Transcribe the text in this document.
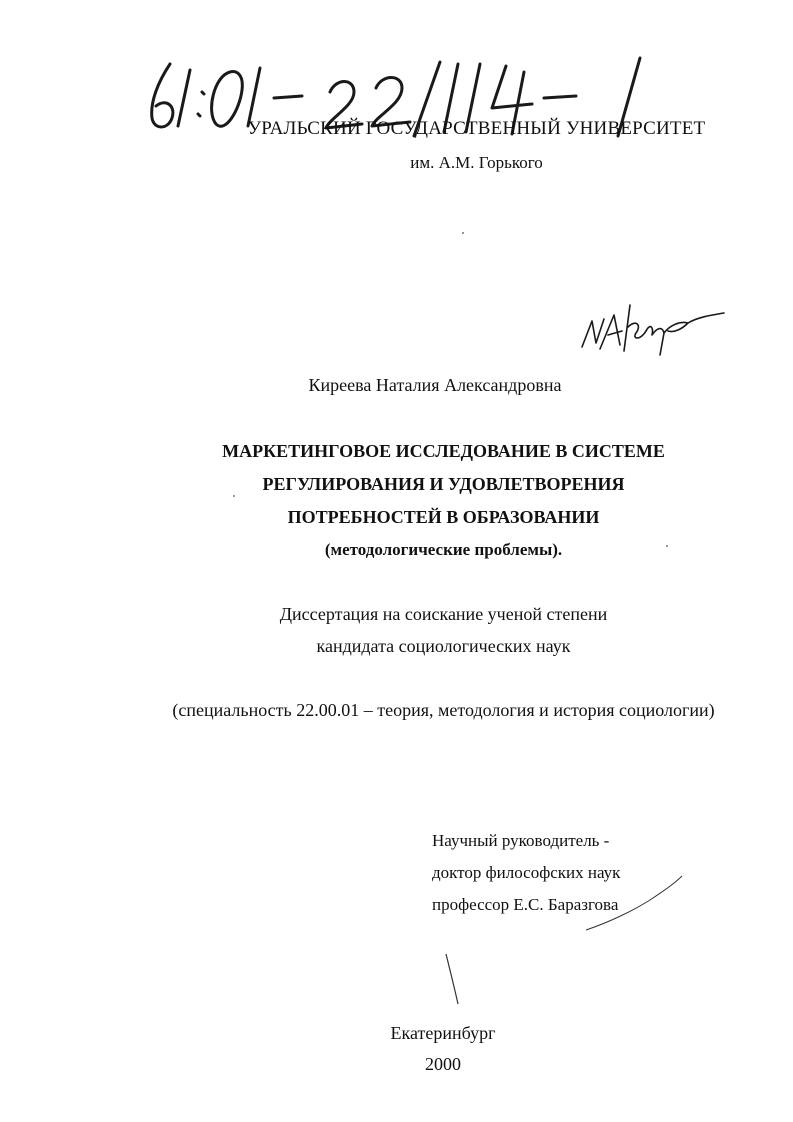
61: 01-22/114-1
УРАЛЬСКИЙ ГОСУДАРСТВЕННЫЙ УНИВЕРСИТЕТ
им. А.М. Горького
НАКир
Киреева Наталия Александровна
МАРКЕТИНГОВОЕ ИССЛЕДОВАНИЕ В СИСТЕМЕ
РЕГУЛИРОВАНИЯ И УДОВЛЕТВОРЕНИЯ
ПОТРЕБНОСТЕЙ В ОБРАЗОВАНИИ
(методологические проблемы).
Диссертация на соискание ученой степени
кандидата социологических наук
(специальность 22.00.01 – теория, методология и история социологии)
Научный руководитель -
доктор философских наук
профессор Е.С. Баразгова
Екатеринбург
2000
